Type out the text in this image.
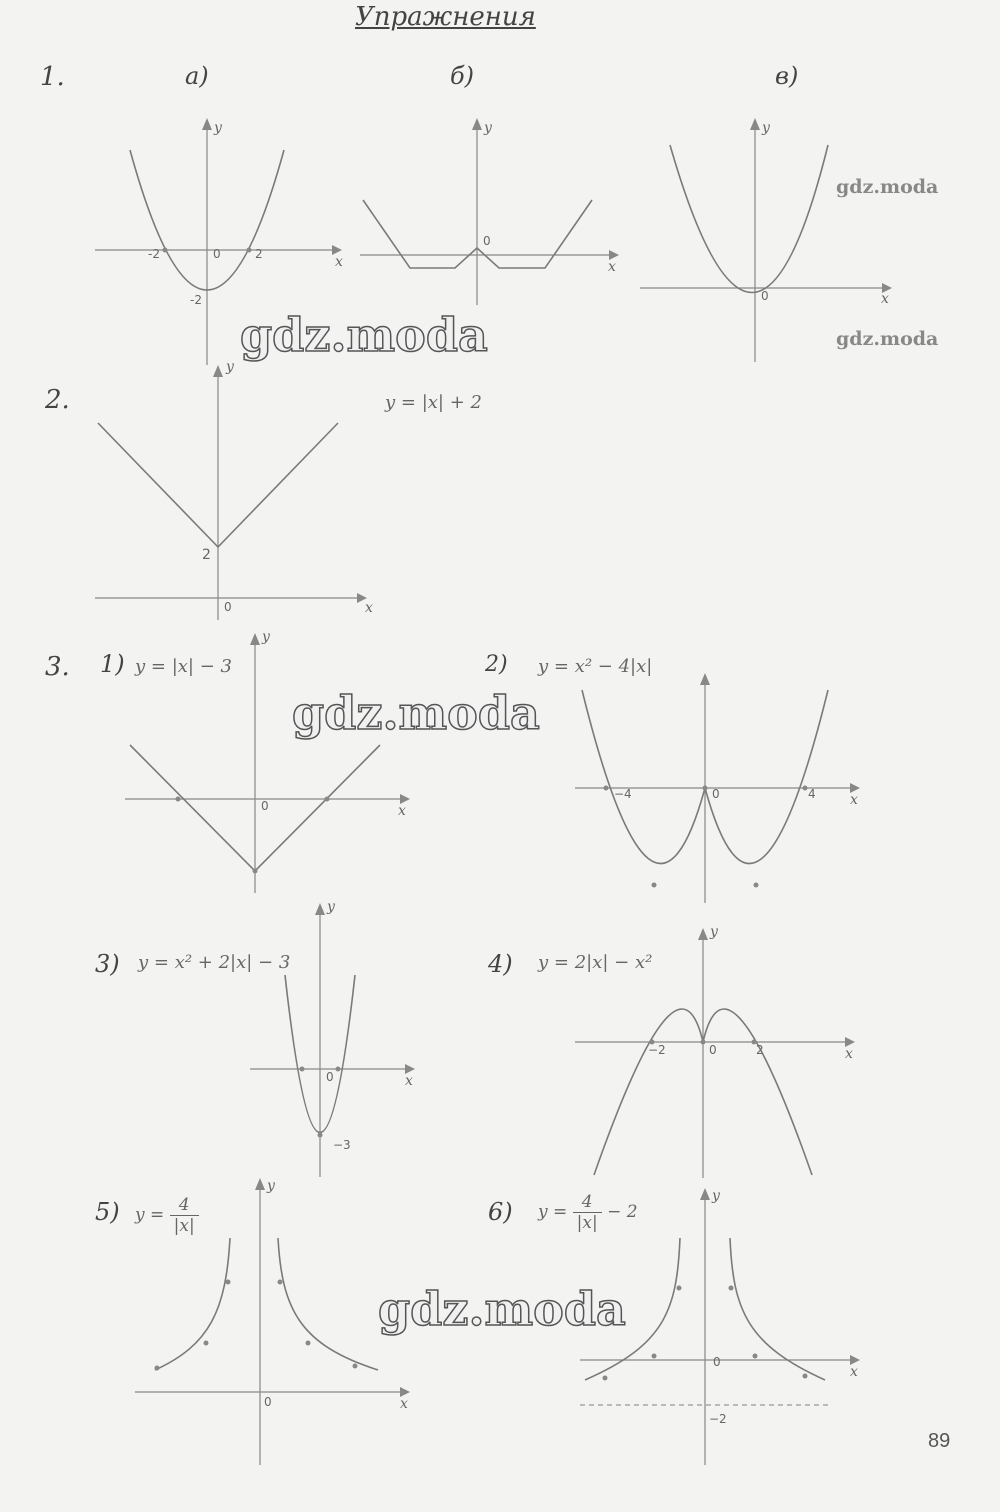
Упражнения
gdz.moda
gdz.moda
1.	а)	б)	в)
-2	0	2
-2
x
y
0
x
y
0	x
y
gdz.moda
2.	y = |x| + 2
2
0	x
y
3. 1) y = |x| − 3
0	x
y
2) y = x² − 4|x|
−4	0	4 x
gdz.moda
3) y = x² + 2|x| − 3
0
−3
x
y
4) y = 2|x| − x²
−2	0	2	x
y
5) $y = \frac{4}{|x|}$
0	x
y
6) $y = \frac{4}{|x|} - 2$
0
−2
x
y
gdz.moda
89
